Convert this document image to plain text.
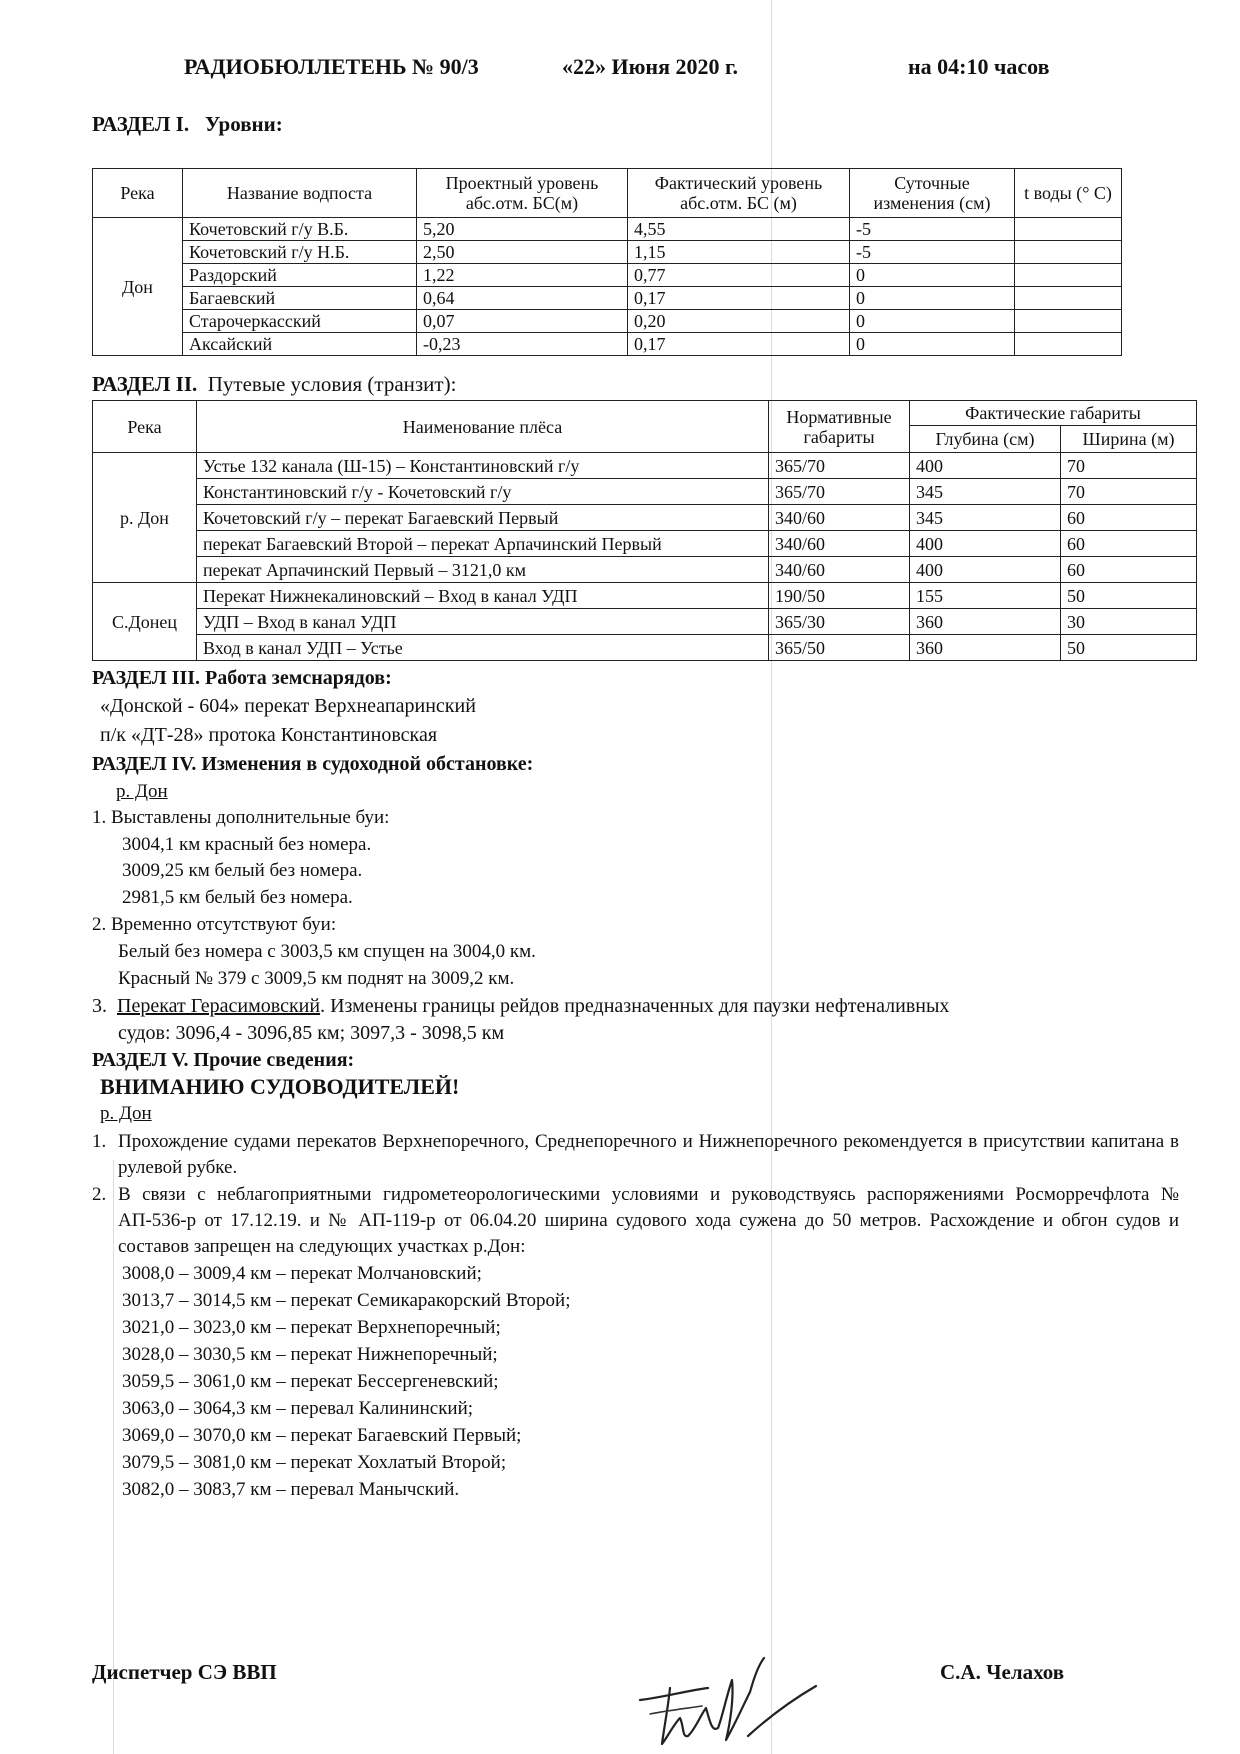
РАДИОБЮЛЛЕТЕНЬ № 90/3	«22» Июня 2020 г.	на 04:10 часов
РАЗДЕЛ I. Уровни:
Река	Название водпоста	Проектный уровень абс.отм. БС(м)	Фактический уровень абс.отм. БС (м)	Суточные изменения (см)	t воды (° С)
Дон	Кочетовский г/у В.Б.	5,20	4,55	-5	
	Кочетовский г/у Н.Б.	2,50	1,15	-5	
	Раздорский	1,22	0,77	0	
	Багаевский	0,64	0,17	0	
	Старочеркасский	0,07	0,20	0	
	Аксайский	-0,23	0,17	0	
РАЗДЕЛ II. Путевые условия (транзит):
Река	Наименование плёса	Нормативные габариты	Фактические габариты	
			Глубина (см)	Ширина (м)
р. Дон	Устье 132 канала (Ш-15) – Константиновский г/у	365/70	400	70
	Константиновский г/у - Кочетовский г/у	365/70	345	70
	Кочетовский г/у – перекат Багаевский Первый	340/60	345	60
	перекат Багаевский Второй – перекат Арпачинский Первый	340/60	400	60
	перекат Арпачинский Первый – 3121,0 км	340/60	400	60
С.Донец	Перекат Нижнекалиновский – Вход в канал УДП	190/50	155	50
	УДП – Вход в канал УДП	365/30	360	30
	Вход в канал УДП – Устье	365/50	360	50
РАЗДЕЛ III. Работа земснарядов:
«Донской - 604» перекат Верхнеапаринский
п/к «ДТ-28» протока Константиновская
РАЗДЕЛ IV. Изменения в судоходной обстановке:
р. Дон
1. Выставлены дополнительные буи:
3004,1 км красный без номера.
3009,25 км белый без номера.
2981,5 км белый без номера.
2. Временно отсутствуют буи:
Белый без номера с 3003,5 км спущен на 3004,0 км.
Красный № 379 с 3009,5 км поднят на 3009,2 км.
3. Перекат Герасимовский. Изменены границы рейдов предназначенных для паузки нефтеналивных
судов: 3096,4 - 3096,85 км; 3097,3 - 3098,5 км
РАЗДЕЛ V. Прочие сведения:
ВНИМАНИЮ СУДОВОДИТЕЛЕЙ!
р. Дон
1. Прохождение судами перекатов Верхнепоречного, Среднепоречного и Нижнепоречного рекомендуется в присутствии капитана в рулевой рубке.
2. В связи с неблагоприятными гидрометеорологическими условиями и руководствуясь распоряжениями Росморречфлота № АП-536-р от 17.12.19. и № АП-119-р от 06.04.20 ширина судового хода сужена до 50 метров. Расхождение и обгон судов и составов запрещен на следующих участках р.Дон:
3008,0 – 3009,4 км – перекат Молчановский;
3013,7 – 3014,5 км – перекат Семикаракорский Второй;
3021,0 – 3023,0 км – перекат Верхнепоречный;
3028,0 – 3030,5 км – перекат Нижнепоречный;
3059,5 – 3061,0 км – перекат Бессергеневский;
3063,0 – 3064,3 км – перевал Калининский;
3069,0 – 3070,0 км – перекат Багаевский Первый;
3079,5 – 3081,0 км – перекат Хохлатый Второй;
3082,0 – 3083,7 км – перевал Манычский.
Диспетчер СЭ ВВП	С.А. Челахов
